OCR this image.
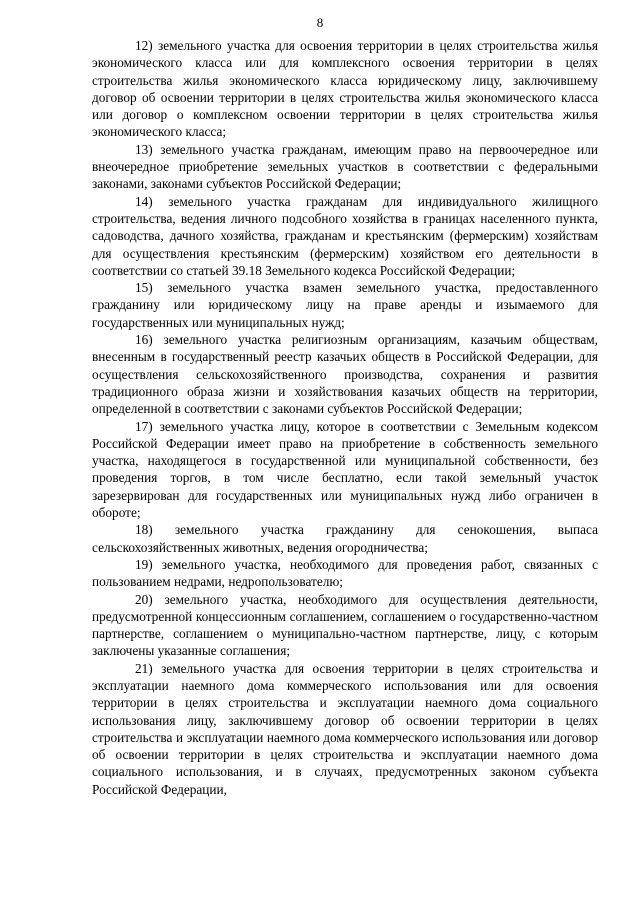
8

12) земельного участка для освоения территории в целях строительства жилья экономического класса или для комплексного освоения территории в целях строительства жилья экономического класса юридическому лицу, заключившему договор об освоении территории в целях строительства жилья экономического класса или договор о комплексном освоении территории в целях строительства жилья экономического класса;

13) земельного участка гражданам, имеющим право на первоочередное или внеочередное приобретение земельных участков в соответствии с федеральными законами, законами субъектов Российской Федерации;

14) земельного участка гражданам для индивидуального жилищного строительства, ведения личного подсобного хозяйства в границах населенного пункта, садоводства, дачного хозяйства, гражданам и крестьянским (фермерским) хозяйствам для осуществления крестьянским (фермерским) хозяйством его деятельности в соответствии со статьей 39.18 Земельного кодекса Российской Федерации;

15) земельного участка взамен земельного участка, предоставленного гражданину или юридическому лицу на праве аренды и изымаемого для государственных или муниципальных нужд;

16) земельного участка религиозным организациям, казачьим обществам, внесенным в государственный реестр казачьих обществ в Российской Федерации, для осуществления сельскохозяйственного производства, сохранения и развития традиционного образа жизни и хозяйствования казачьих обществ на территории, определенной в соответствии с законами субъектов Российской Федерации;

17) земельного участка лицу, которое в соответствии с Земельным кодексом Российской Федерации имеет право на приобретение в собственность земельного участка, находящегося в государственной или муниципальной собственности, без проведения торгов, в том числе бесплатно, если такой земельный участок зарезервирован для государственных или муниципальных нужд либо ограничен в обороте;

18) земельного участка гражданину для сенокошения, выпаса сельскохозяйственных животных, ведения огородничества;

19) земельного участка, необходимого для проведения работ, связанных с пользованием недрами, недропользователю;

20) земельного участка, необходимого для осуществления деятельности, предусмотренной концессионным соглашением, соглашением о государственно-частном партнерстве, соглашением о муниципально-частном партнерстве, лицу, с которым заключены указанные соглашения;

21) земельного участка для освоения территории в целях строительства и эксплуатации наемного дома коммерческого использования или для освоения территории в целях строительства и эксплуатации наемного дома социального использования лицу, заключившему договор об освоении территории в целях строительства и эксплуатации наемного дома коммерческого использования или договор об освоении территории в целях строительства и эксплуатации наемного дома социального использования, и в случаях, предусмотренных законом субъекта Российской Федерации,
